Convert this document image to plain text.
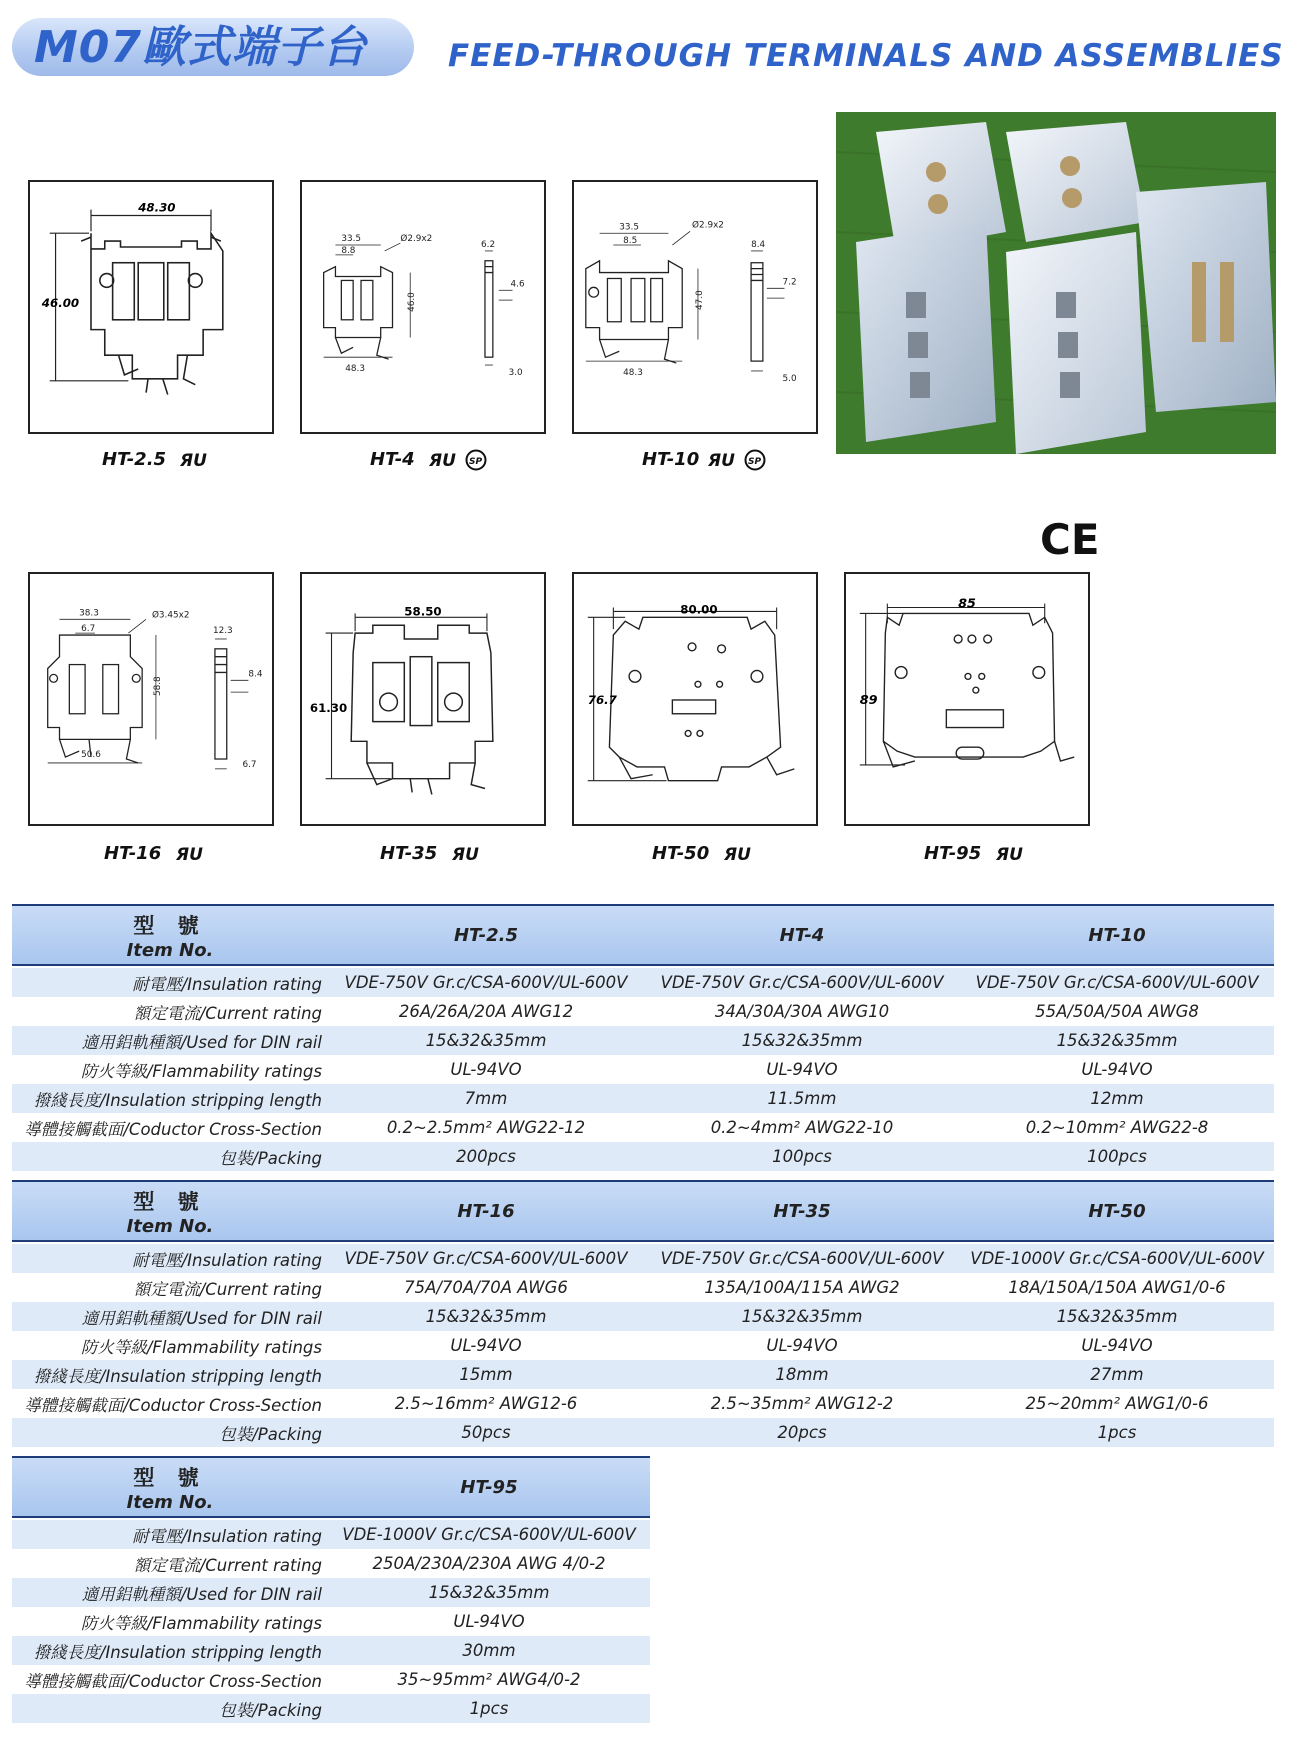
M07歐式端子台	FEED-THROUGH TERMINALS AND ASSEMBLIES
48.30
46.00
33.5
8.8
Ø2.9x2
6.2
4.6
46.0
48.3	3.0
33.5
8.5
Ø2.9x2
8.4
7.2
47.0
48.3
5.0
HT-2.5 ЯU	HT-4 ЯU
SP	HT-10 ЯU
SP
CE
38.3
6.7
Ø3.45x2
12.3
8.4
58.8
50.6
6.7
58.50
61.30
80.00
76.7
85
89
HT-16 ЯU	HT-35 ЯU	HT-50 ЯU	HT-95 ЯU
型 號
Item No.	HT-2.5	HT-4	HT-10

耐電壓/Insulation rating	VDE-750V Gr.c/CSA-600V/UL-600V	VDE-750V Gr.c/CSA-600V/UL-600V	VDE-750V Gr.c/CSA-600V/UL-600V
額定電流/Current rating	26A/26A/20A AWG12	34A/30A/30A AWG10	55A/50A/50A AWG8
適用鋁軌種額/Used for DIN rail	15&32&35mm	15&32&35mm	15&32&35mm
防火等級/Flammability ratings	UL-94VO	UL-94VO	UL-94VO
撥綫長度/Insulation stripping length	7mm	11.5mm	12mm
導體接觸截面/Coductor Cross-Section	0.2~2.5mm² AWG22-12	0.2~4mm² AWG22-10	0.2~10mm² AWG22-8
包裝/Packing	200pcs	100pcs	100pcs
型 號
Item No.	HT-16	HT-35	HT-50

耐電壓/Insulation rating	VDE-750V Gr.c/CSA-600V/UL-600V	VDE-750V Gr.c/CSA-600V/UL-600V	VDE-1000V Gr.c/CSA-600V/UL-600V
額定電流/Current rating	75A/70A/70A AWG6	135A/100A/115A AWG2	18A/150A/150A AWG1/0-6
適用鋁軌種額/Used for DIN rail	15&32&35mm	15&32&35mm	15&32&35mm
防火等級/Flammability ratings	UL-94VO	UL-94VO	UL-94VO
撥綫長度/Insulation stripping length	15mm	18mm	27mm
導體接觸截面/Coductor Cross-Section	2.5~16mm² AWG12-6	2.5~35mm² AWG12-2	25~20mm² AWG1/0-6
包裝/Packing	50pcs	20pcs	1pcs
型 號
Item No.	HT-95

耐電壓/Insulation rating	VDE-1000V Gr.c/CSA-600V/UL-600V
額定電流/Current rating	250A/230A/230A AWG 4/0-2
適用鋁軌種額/Used for DIN rail	15&32&35mm
防火等級/Flammability ratings	UL-94VO
撥綫長度/Insulation stripping length	30mm
導體接觸截面/Coductor Cross-Section	35~95mm² AWG4/0-2
包裝/Packing	1pcs
